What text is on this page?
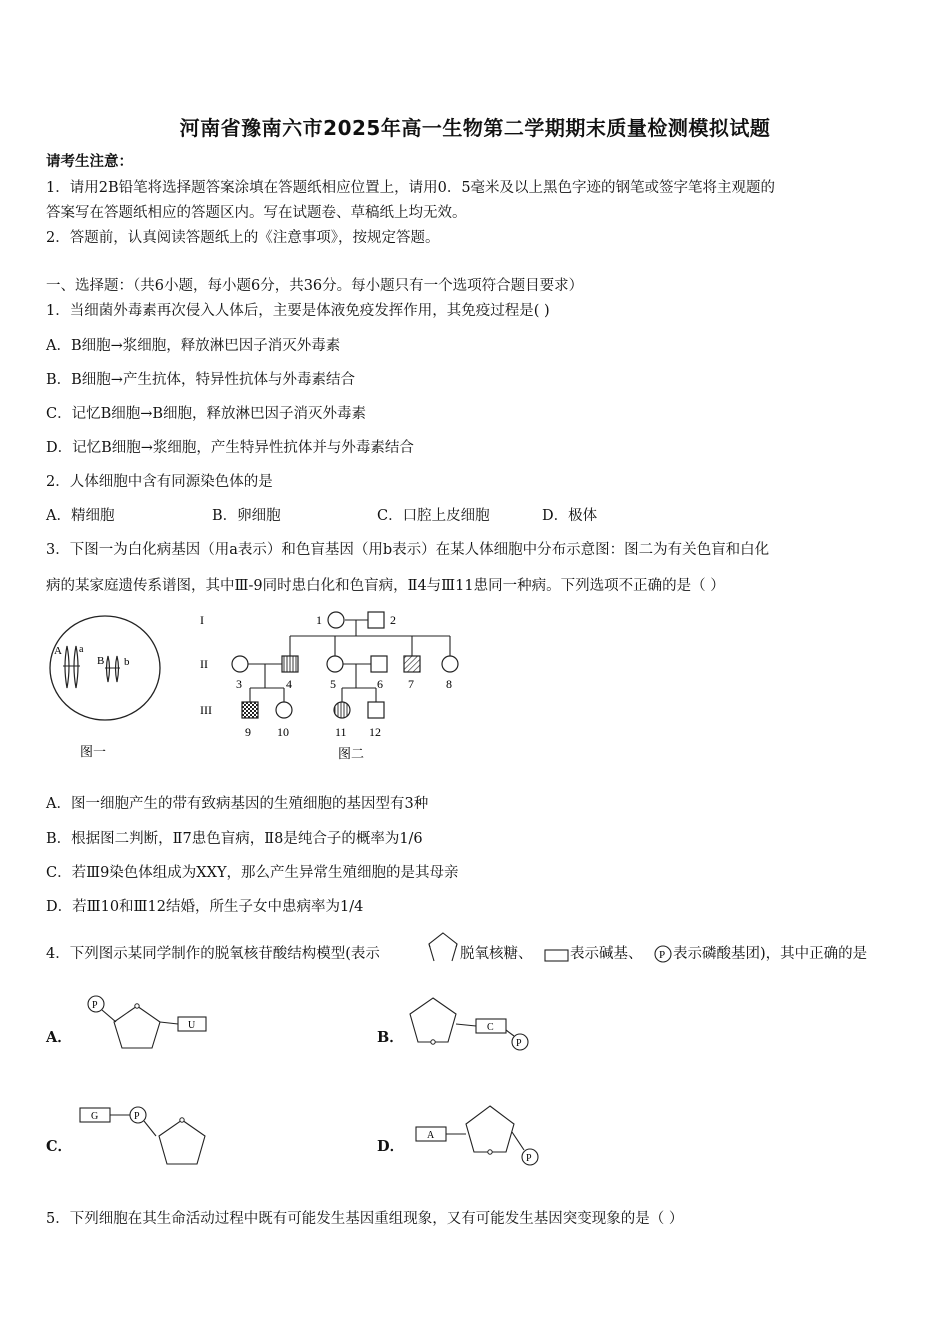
河南省豫南六市2025年高一生物第二学期期末质量检测模拟试题
请考生注意：
1．请用2B铅笔将选择题答案涂填在答题纸相应位置上，请用0．5毫米及以上黑色字迹的钢笔或签字笔将主观题的
答案写在答题纸相应的答题区内。写在试题卷、草稿纸上均无效。
2．答题前，认真阅读答题纸上的《注意事项》，按规定答题。
一、选择题：（共6小题，每小题6分，共36分。每小题只有一个选项符合题目要求）
1．当细菌外毒素再次侵入人体后，主要是体液免疫发挥作用，其免疫过程是( )
A．B细胞→浆细胞，释放淋巴因子消灭外毒素
B．B细胞→产生抗体，特异性抗体与外毒素结合
C．记忆B细胞→B细胞，释放淋巴因子消灭外毒素
D．记忆B细胞→浆细胞，产生特异性抗体并与外毒素结合
2．人体细胞中含有同源染色体的是
A．精细胞	B．卵细胞	C．口腔上皮细胞	D．极体
3．下图一为白化病基因（用a表示）和色盲基因（用b表示）在某人体细胞中分布示意图：图二为有关色盲和白化
病的某家庭遗传系谱图，其中Ⅲ-9同时患白化和色盲病，Ⅱ4与Ⅲ11患同一种病。下列选项不正确的是（ ）
A a
B b
图一
I
II
III
1	2
3	4	5	6 7	8
9 10	11 12
图二
A．图一细胞产生的带有致病基因的生殖细胞的基因型有3种
B．根据图二判断，Ⅱ7患色盲病，Ⅱ8是纯合子的概率为1/6
C．若Ⅲ9染色体组成为XXY，那么产生异常生殖细胞的是其母亲
D．若Ⅲ10和Ⅲ12结婚，所生子女中患病率为1/4
4．下列图示某同学制作的脱氧核苷酸结构模型(表示	脱氧核糖、	表示碱基、 P 表示磷酸基团)，其中正确的是
A．
P
U
B．
C
P
C．
G	P
D．
A
P
5．下列细胞在其生命活动过程中既有可能发生基因重组现象，又有可能发生基因突变现象的是（ ）
